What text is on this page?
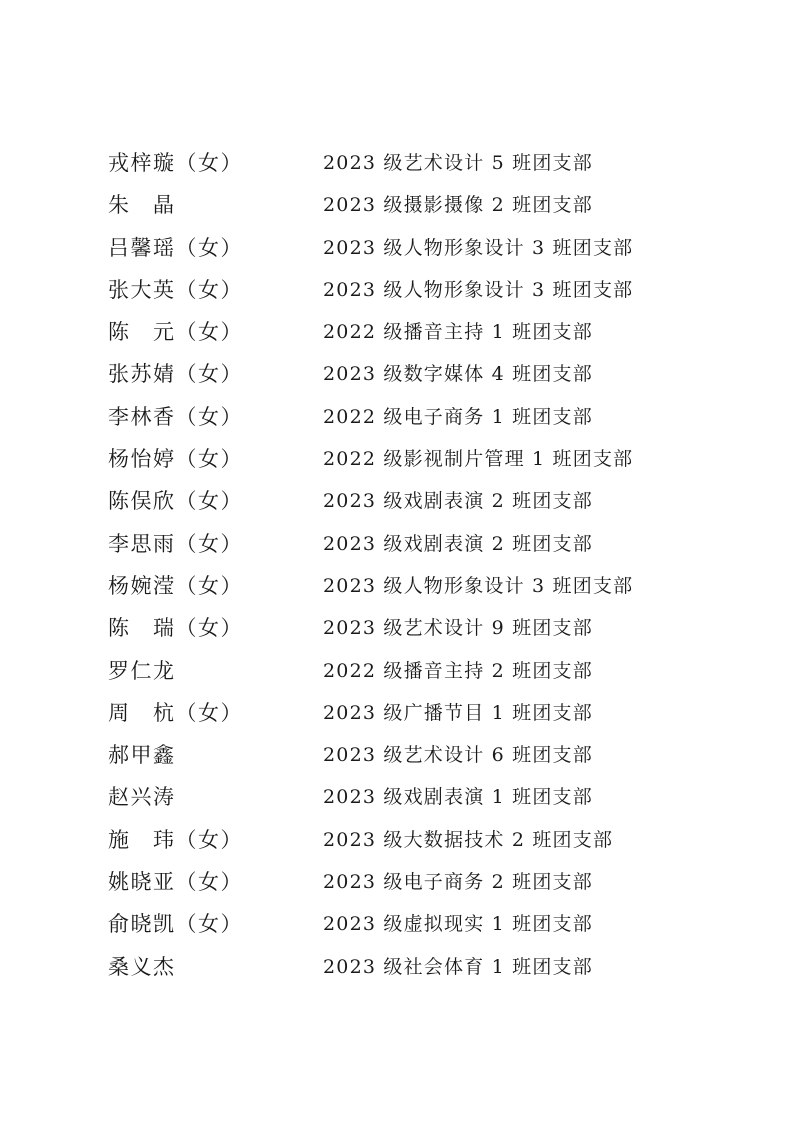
戎梓璇（女）	2023 级艺术设计 5 班团支部
朱　晶	2023 级摄影摄像 2 班团支部
吕馨瑶（女）	2023 级人物形象设计 3 班团支部
张大英（女）	2023 级人物形象设计 3 班团支部
陈　元（女）	2022 级播音主持 1 班团支部
张苏婧（女）	2023 级数字媒体 4 班团支部
李林香（女）	2022 级电子商务 1 班团支部
杨怡婷（女）	2022 级影视制片管理 1 班团支部
陈俣欣（女）	2023 级戏剧表演 2 班团支部
李思雨（女）	2023 级戏剧表演 2 班团支部
杨婉滢（女）	2023 级人物形象设计 3 班团支部
陈　瑞（女）	2023 级艺术设计 9 班团支部
罗仁龙	2022 级播音主持 2 班团支部
周　杭（女）	2023 级广播节目 1 班团支部
郝甲鑫	2023 级艺术设计 6 班团支部
赵兴涛	2023 级戏剧表演 1 班团支部
施　玮（女）	2023 级大数据技术 2 班团支部
姚晓亚（女）	2023 级电子商务 2 班团支部
俞晓凯（女）	2023 级虚拟现实 1 班团支部
桑义杰	2023 级社会体育 1 班团支部
